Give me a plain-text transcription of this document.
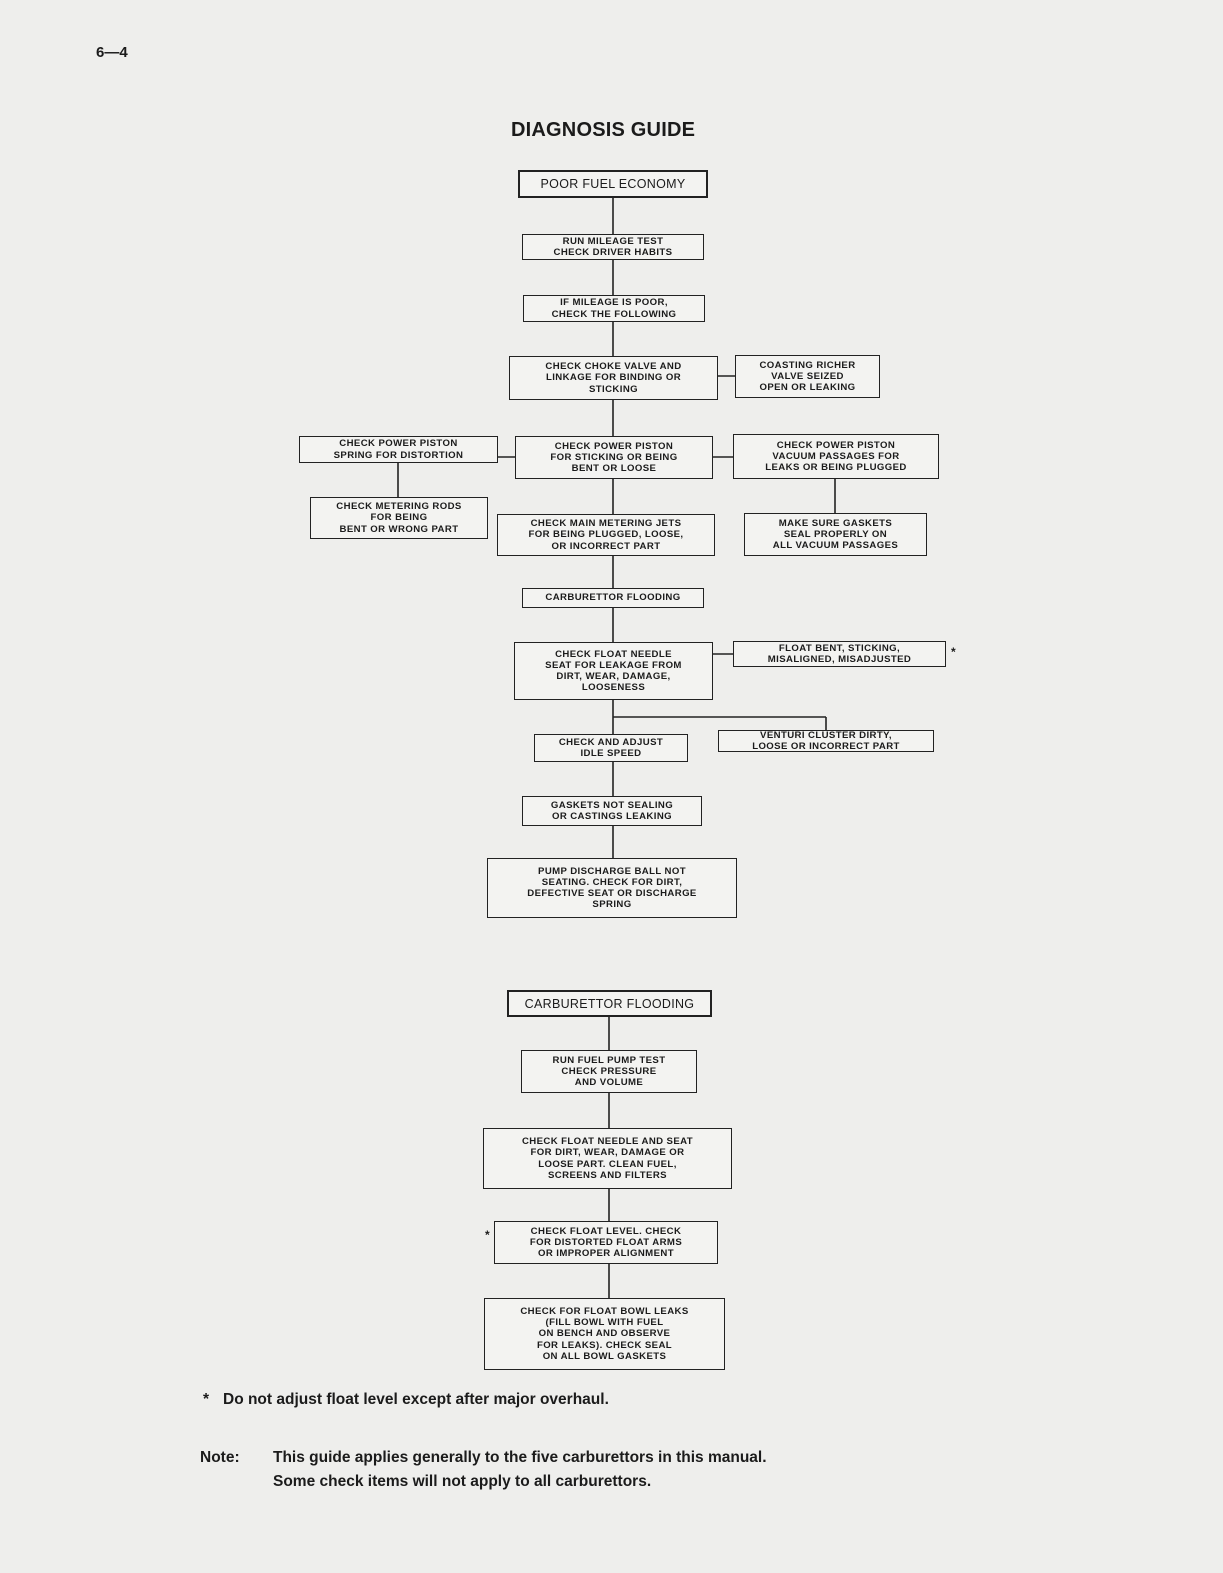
6—4
DIAGNOSIS GUIDE
POOR FUEL ECONOMY
RUN MILEAGE TEST
CHECK DRIVER HABITS
IF MILEAGE IS POOR,
CHECK THE FOLLOWING
CHECK CHOKE VALVE AND
LINKAGE FOR BINDING OR
STICKING
COASTING RICHER
VALVE SEIZED
OPEN OR LEAKING
CHECK POWER PISTON
SPRING FOR DISTORTION
CHECK POWER PISTON
FOR STICKING OR BEING
BENT OR LOOSE
CHECK POWER PISTON
VACUUM PASSAGES FOR
LEAKS OR BEING PLUGGED
CHECK METERING RODS
FOR BEING
BENT OR WRONG PART	CHECK MAIN METERING JETS
FOR BEING PLUGGED, LOOSE,
OR INCORRECT PART
MAKE SURE GASKETS
SEAL PROPERLY ON
ALL VACUUM PASSAGES
CARBURETTOR FLOODING
CHECK FLOAT NEEDLE
SEAT FOR LEAKAGE FROM
DIRT, WEAR, DAMAGE,
LOOSENESS
FLOAT BENT, STICKING,
MISALIGNED, MISADJUSTED
*
VENTURI CLUSTER DIRTY,
LOOSE OR INCORRECT PART
CHECK AND ADJUST
IDLE SPEED
GASKETS NOT SEALING
OR CASTINGS LEAKING
PUMP DISCHARGE BALL NOT
SEATING. CHECK FOR DIRT,
DEFECTIVE SEAT OR DISCHARGE
SPRING
CARBURETTOR FLOODING
RUN FUEL PUMP TEST
CHECK PRESSURE
AND VOLUME
CHECK FLOAT NEEDLE AND SEAT
FOR DIRT, WEAR, DAMAGE OR
LOOSE PART. CLEAN FUEL,
SCREENS AND FILTERS
*	CHECK FLOAT LEVEL. CHECK
FOR DISTORTED FLOAT ARMS
OR IMPROPER ALIGNMENT
CHECK FOR FLOAT BOWL LEAKS
(FILL BOWL WITH FUEL
ON BENCH AND OBSERVE
FOR LEAKS). CHECK SEAL
ON ALL BOWL GASKETS
* Do not adjust float level except after major overhaul.
Note: This guide applies generally to the five carburettors in this manual.
Some check items will not apply to all carburettors.
